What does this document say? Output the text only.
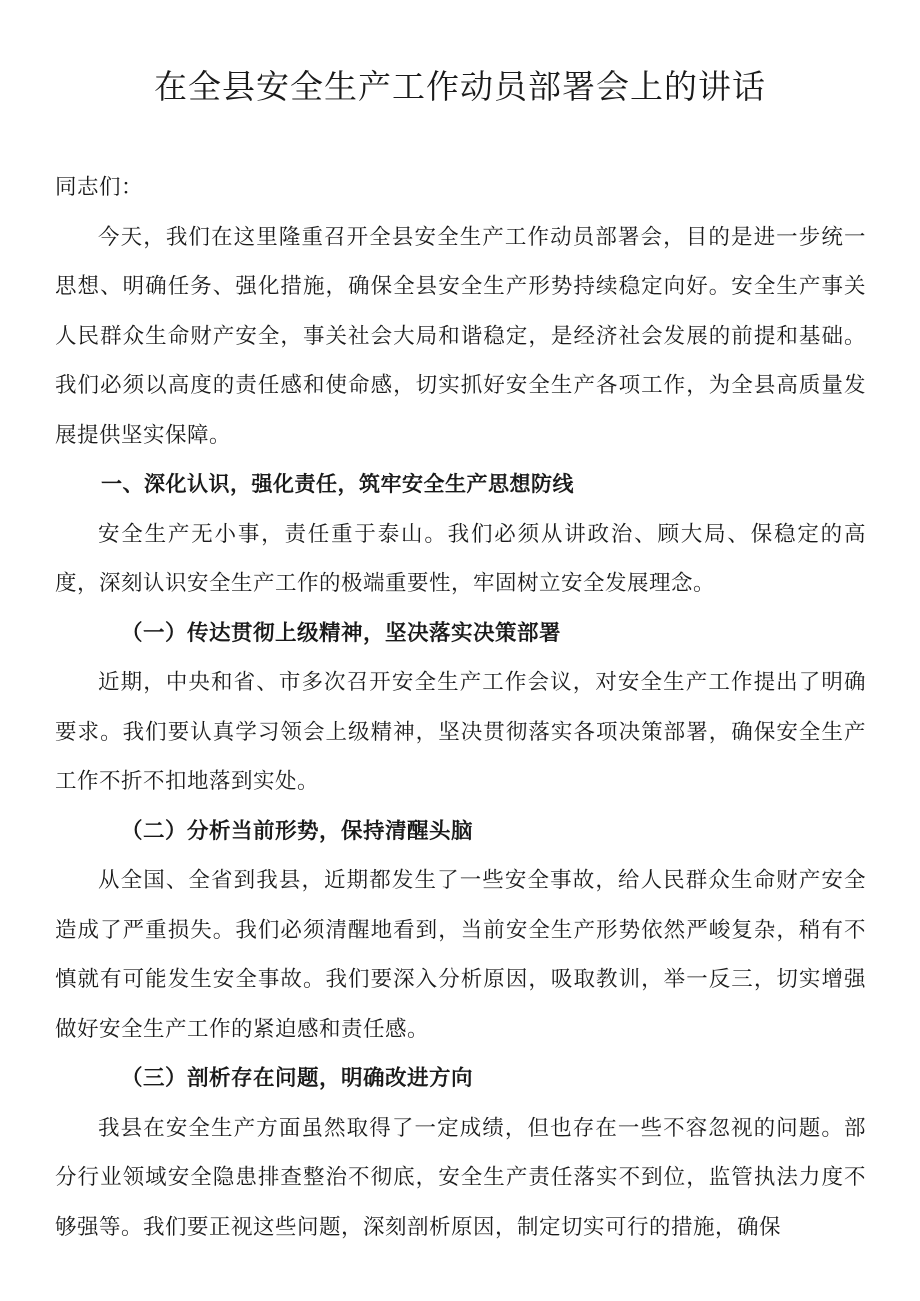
在全县安全生产工作动员部署会上的讲话

同志们：

今天，我们在这里隆重召开全县安全生产工作动员部署会，目的是进一步统一思想、明确任务、强化措施，确保全县安全生产形势持续稳定向好。安全生产事关人民群众生命财产安全，事关社会大局和谐稳定，是经济社会发展的前提和基础。我们必须以高度的责任感和使命感，切实抓好安全生产各项工作，为全县高质量发展提供坚实保障。

一、深化认识，强化责任，筑牢安全生产思想防线

安全生产无小事，责任重于泰山。我们必须从讲政治、顾大局、保稳定的高度，深刻认识安全生产工作的极端重要性，牢固树立安全发展理念。

（一）传达贯彻上级精神，坚决落实决策部署

近期，中央和省、市多次召开安全生产工作会议，对安全生产工作提出了明确要求。我们要认真学习领会上级精神，坚决贯彻落实各项决策部署，确保安全生产工作不折不扣地落到实处。

（二）分析当前形势，保持清醒头脑

从全国、全省到我县，近期都发生了一些安全事故，给人民群众生命财产安全造成了严重损失。我们必须清醒地看到，当前安全生产形势依然严峻复杂，稍有不慎就有可能发生安全事故。我们要深入分析原因，吸取教训，举一反三，切实增强做好安全生产工作的紧迫感和责任感。

（三）剖析存在问题，明确改进方向

我县在安全生产方面虽然取得了一定成绩，但也存在一些不容忽视的问题。部分行业领域安全隐患排查整治不彻底，安全生产责任落实不到位，监管执法力度不够强等。我们要正视这些问题，深刻剖析原因，制定切实可行的措施，确保
